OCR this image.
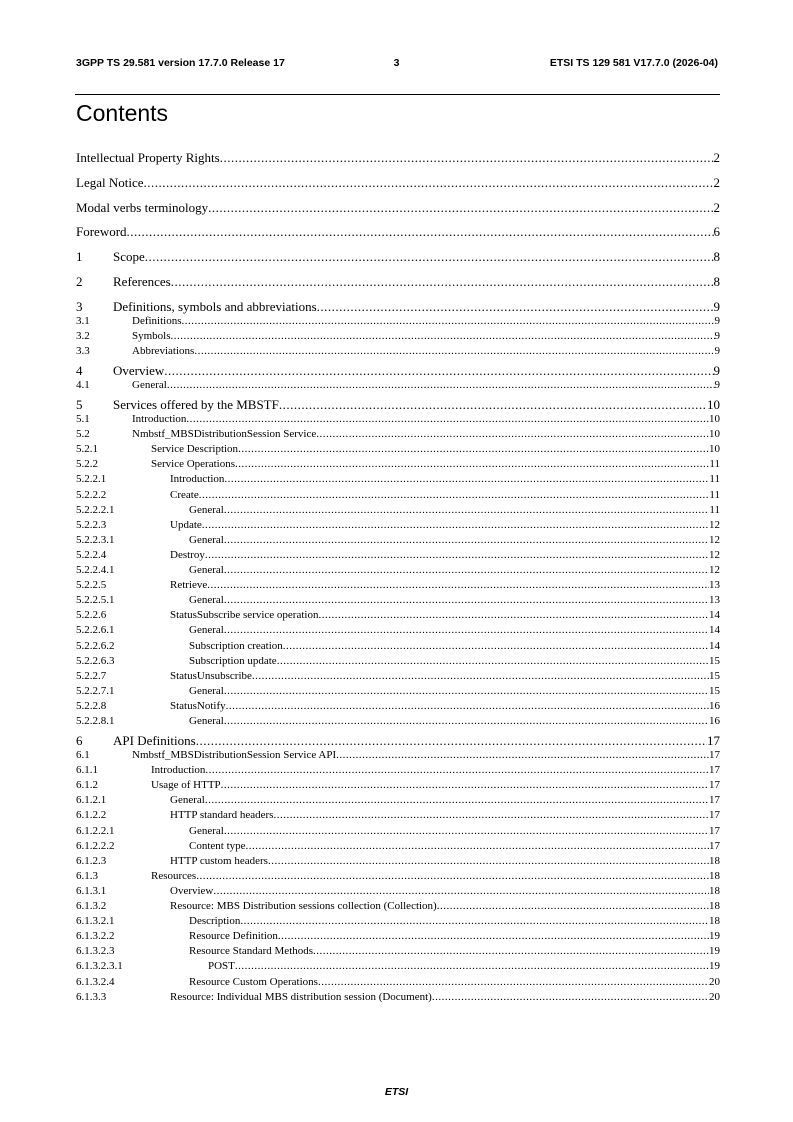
3GPP TS 29.581 version 17.7.0 Release 17	3	ETSI TS 129 581 V17.7.0 (2026-04)
Contents
Intellectual Property Rights .....	2
Legal Notice .....	2
Modal verbs terminology .....	2
Foreword .....	6
1	Scope .....	8
2	References .....	8
3	Definitions, symbols and abbreviations .....	9
3.1	Definitions .....	9
3.2	Symbols .....	9
3.3	Abbreviations .....	9
4	Overview .....	9
4.1	General .....	9
5	Services offered by the MBSTF .....	10
5.1	Introduction .....	10
5.2	Nmbstf_MBSDistributionSession Service .....	10
5.2.1	Service Description .....	10
5.2.2	Service Operations .....	11
5.2.2.1	Introduction .....	11
5.2.2.2	Create .....	11
5.2.2.2.1	General .....	11
5.2.2.3	Update .....	12
5.2.2.3.1	General .....	12
5.2.2.4	Destroy .....	12
5.2.2.4.1	General .....	12
5.2.2.5	Retrieve .....	13
5.2.2.5.1	General .....	13
5.2.2.6	StatusSubscribe service operation .....	14
5.2.2.6.1	General .....	14
5.2.2.6.2	Subscription creation .....	14
5.2.2.6.3	Subscription update .....	15
5.2.2.7	StatusUnsubscribe .....	15
5.2.2.7.1	General .....	15
5.2.2.8	StatusNotify .....	16
5.2.2.8.1	General .....	16
6	API Definitions .....	17
6.1	Nmbstf_MBSDistributionSession Service API .....	17
6.1.1	Introduction .....	17
6.1.2	Usage of HTTP .....	17
6.1.2.1	General .....	17
6.1.2.2	HTTP standard headers .....	17
6.1.2.2.1	General .....	17
6.1.2.2.2	Content type .....	17
6.1.2.3	HTTP custom headers .....	18
6.1.3	Resources .....	18
6.1.3.1	Overview .....	18
6.1.3.2	Resource: MBS Distribution sessions collection (Collection) .....	18
6.1.3.2.1	Description .....	18
6.1.3.2.2	Resource Definition .....	19
6.1.3.2.3	Resource Standard Methods .....	19
6.1.3.2.3.1	POST .....	19
6.1.3.2.4	Resource Custom Operations .....	20
6.1.3.3	Resource: Individual MBS distribution session (Document) .....	20
ETSI
